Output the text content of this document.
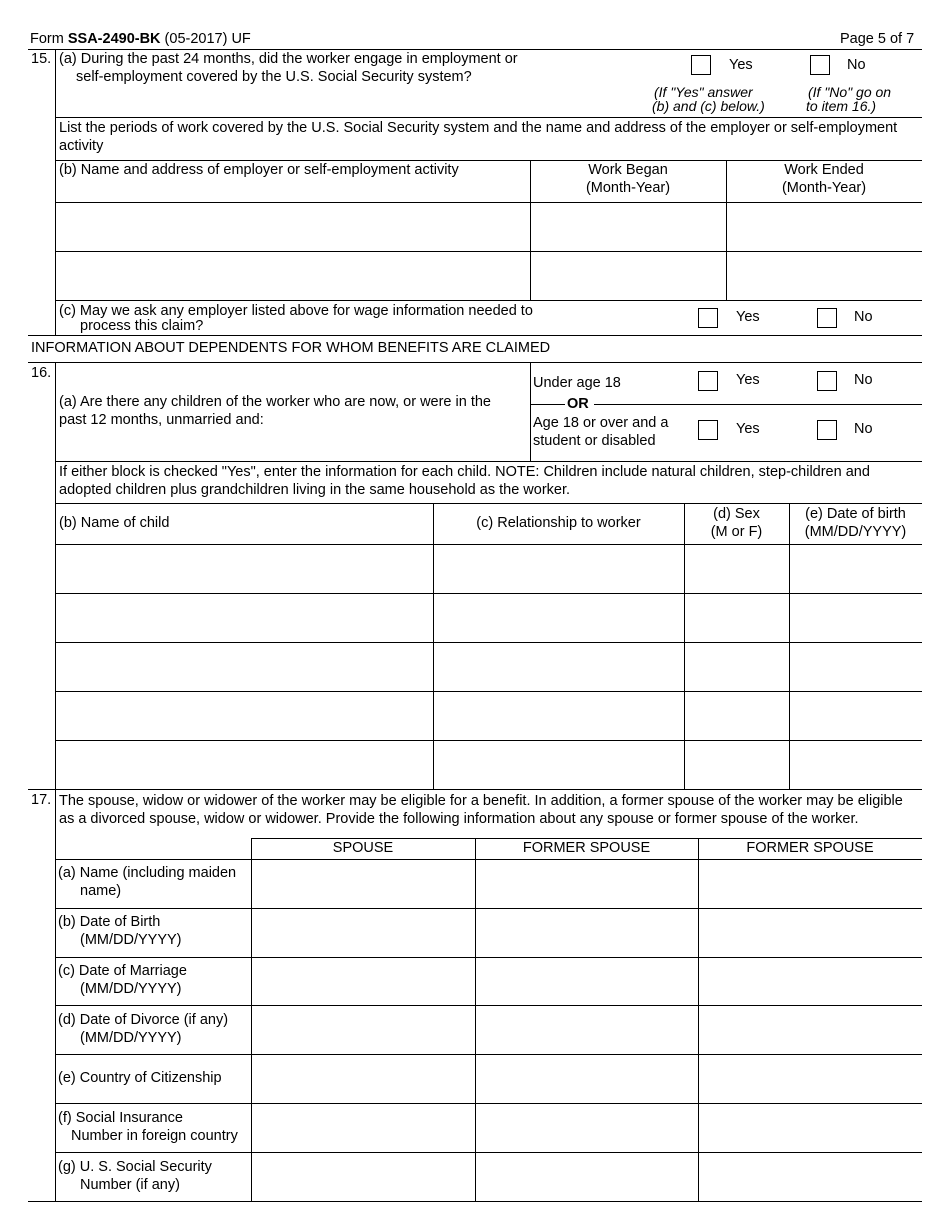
Form SSA-2490-BK (05-2017) UF	Page 5 of 7
15. (a) During the past 24 months, did the worker engage in employment or
self-employment covered by the U.S. Social Security system?
Yes	No
(If "Yes" answer
(b) and (c) below.)
(If "No" go on
to item 16.)
List the periods of work covered by the U.S. Social Security system and the name and address of the employer or self-employment activity
(b) Name and address of employer or self-employment activity	Work Began
(Month-Year)
Work Ended
(Month-Year)
(c) May we ask any employer listed above for wage information needed to
process this claim?
Yes	No
INFORMATION ABOUT DEPENDENTS FOR WHOM BENEFITS ARE CLAIMED
16.
(a) Are there any children of the worker who are now, or were in the
past 12 months, unmarried and:
Under age 18	Yes	No
OR
Age 18 or over and a
student or disabled
Yes	No
If either block is checked "Yes", enter the information for each child. NOTE: Children include natural children, step-children and adopted children plus grandchildren living in the same household as the worker.
(b) Name of child	(c) Relationship to worker
(d) Sex
(M or F)
(e) Date of birth
(MM/DD/YYYY)
17. The spouse, widow or widower of the worker may be eligible for a benefit. In addition, a former spouse of the worker may be eligible as a divorced spouse, widow or widower. Provide the following information about any spouse or former spouse of the worker.
SPOUSE	FORMER SPOUSE	FORMER SPOUSE
(a) Name (including maiden
name)
(b) Date of Birth
(MM/DD/YYYY)
(c) Date of Marriage
(MM/DD/YYYY)
(d) Date of Divorce (if any)
(MM/DD/YYYY)
(e) Country of Citizenship
(f) Social Insurance
Number in foreign country
(g) U. S. Social Security
Number (if any)
